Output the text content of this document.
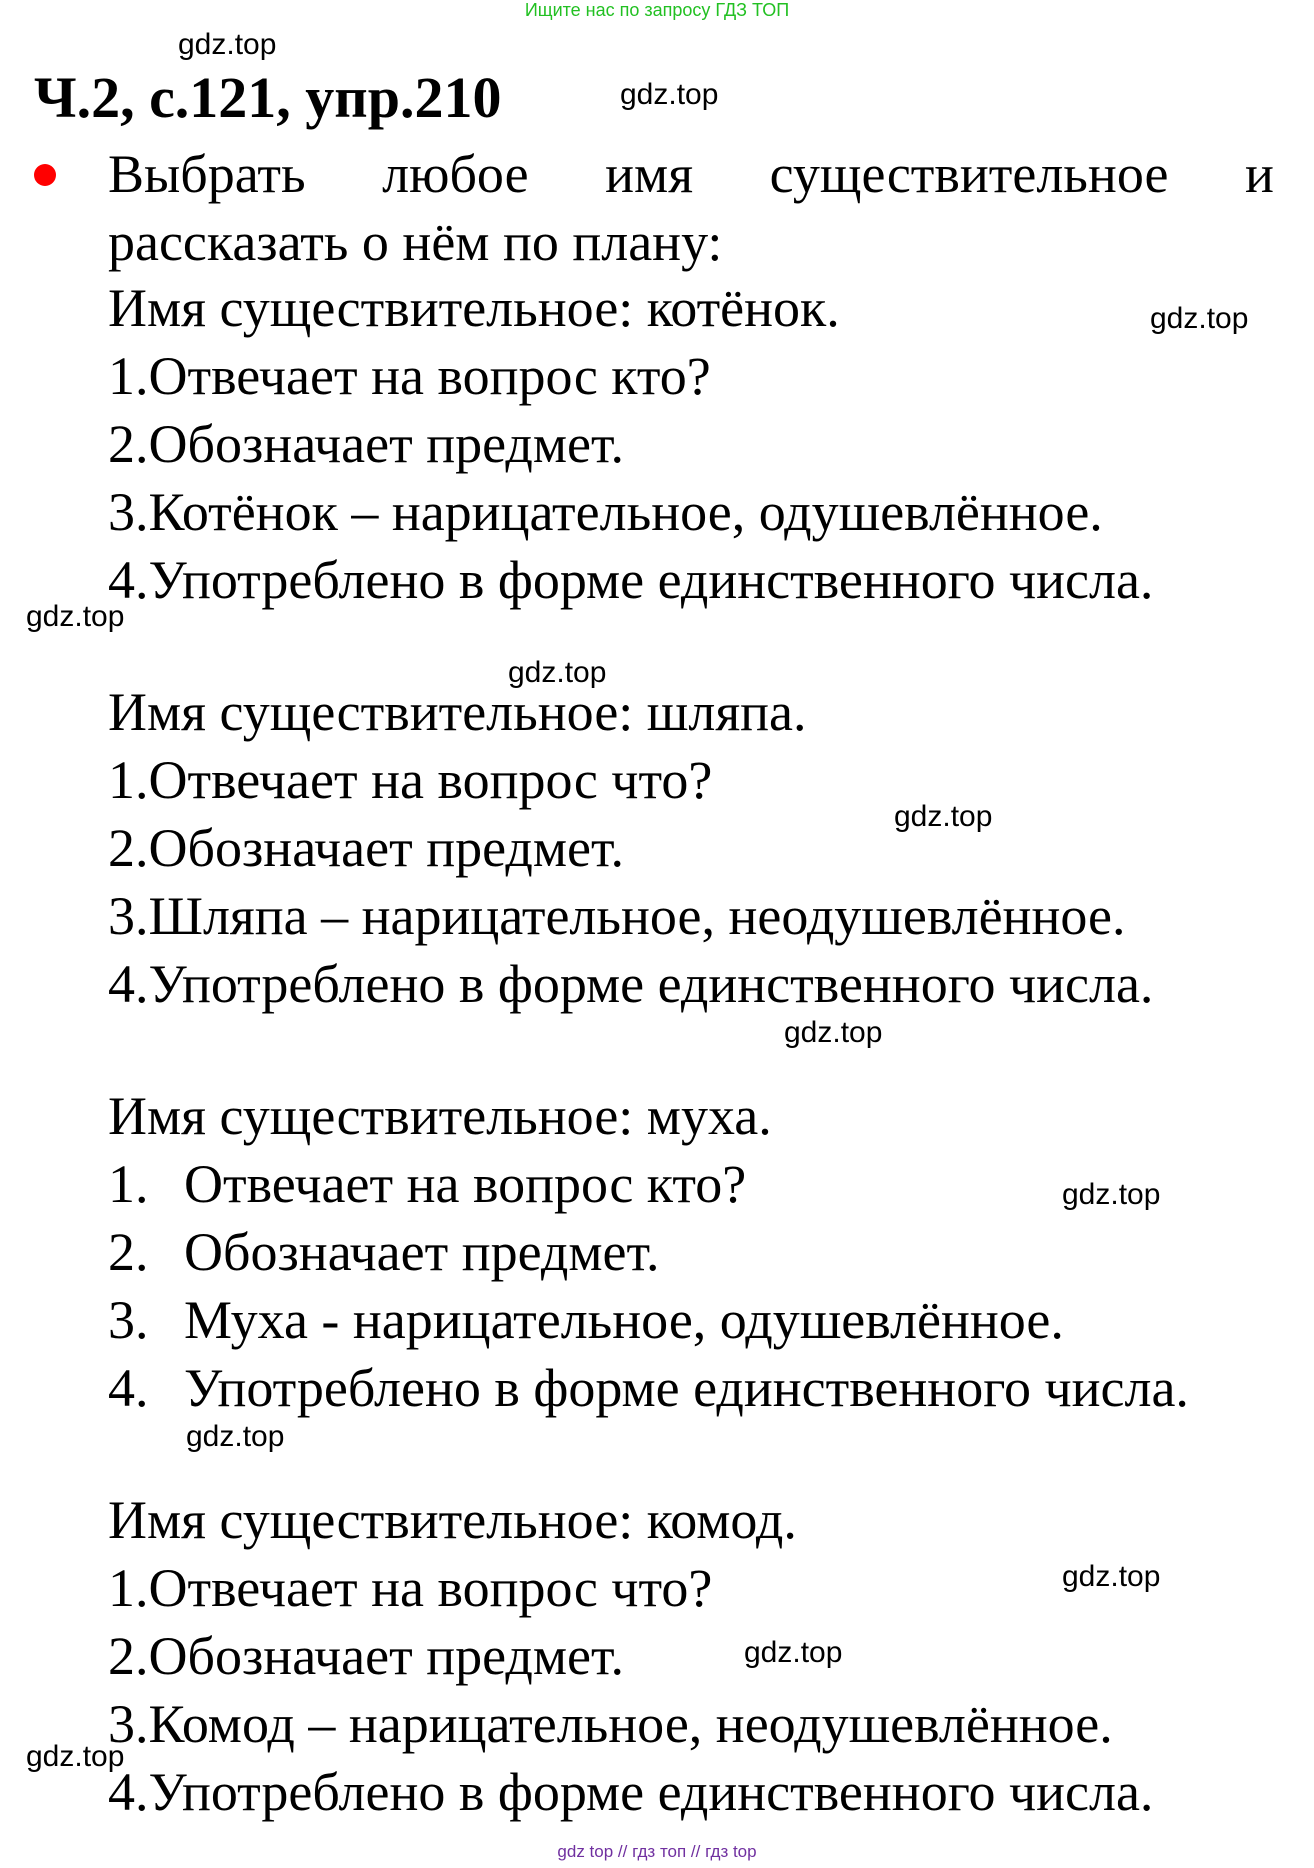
Ищите нас по запросу ГДЗ ТОП
gdz.top
Ч.2, с.121, упр.210	gdz.top
Выбрать любое имя существительное и
рассказать о нём по плану:
Имя существительное: котёнок.	gdz.top
1.Отвечает на вопрос кто?
2.Обозначает предмет.
3.Котёнок – нарицательное, одушевлённое.
4.Употреблено в форме единственного числа.
gdz.top
gdz.top
Имя существительное: шляпа.
1.Отвечает на вопрос что?
gdz.top
2.Обозначает предмет.
3.Шляпа – нарицательное, неодушевлённое.
4.Употреблено в форме единственного числа.
gdz.top
Имя существительное: муха.
1. Отвечает на вопрос кто?	gdz.top
2. Обозначает предмет.
3. Муха - нарицательное, одушевлённое.
4. Употреблено в форме единственного числа.
gdz.top
Имя существительное: комод.
1.Отвечает на вопрос что?	gdz.top
2.Обозначает предмет.	gdz.top
3.Комод – нарицательное, неодушевлённое.
gdz.top
4.Употреблено в форме единственного числа.
gdz top // гдз топ // гдз top
